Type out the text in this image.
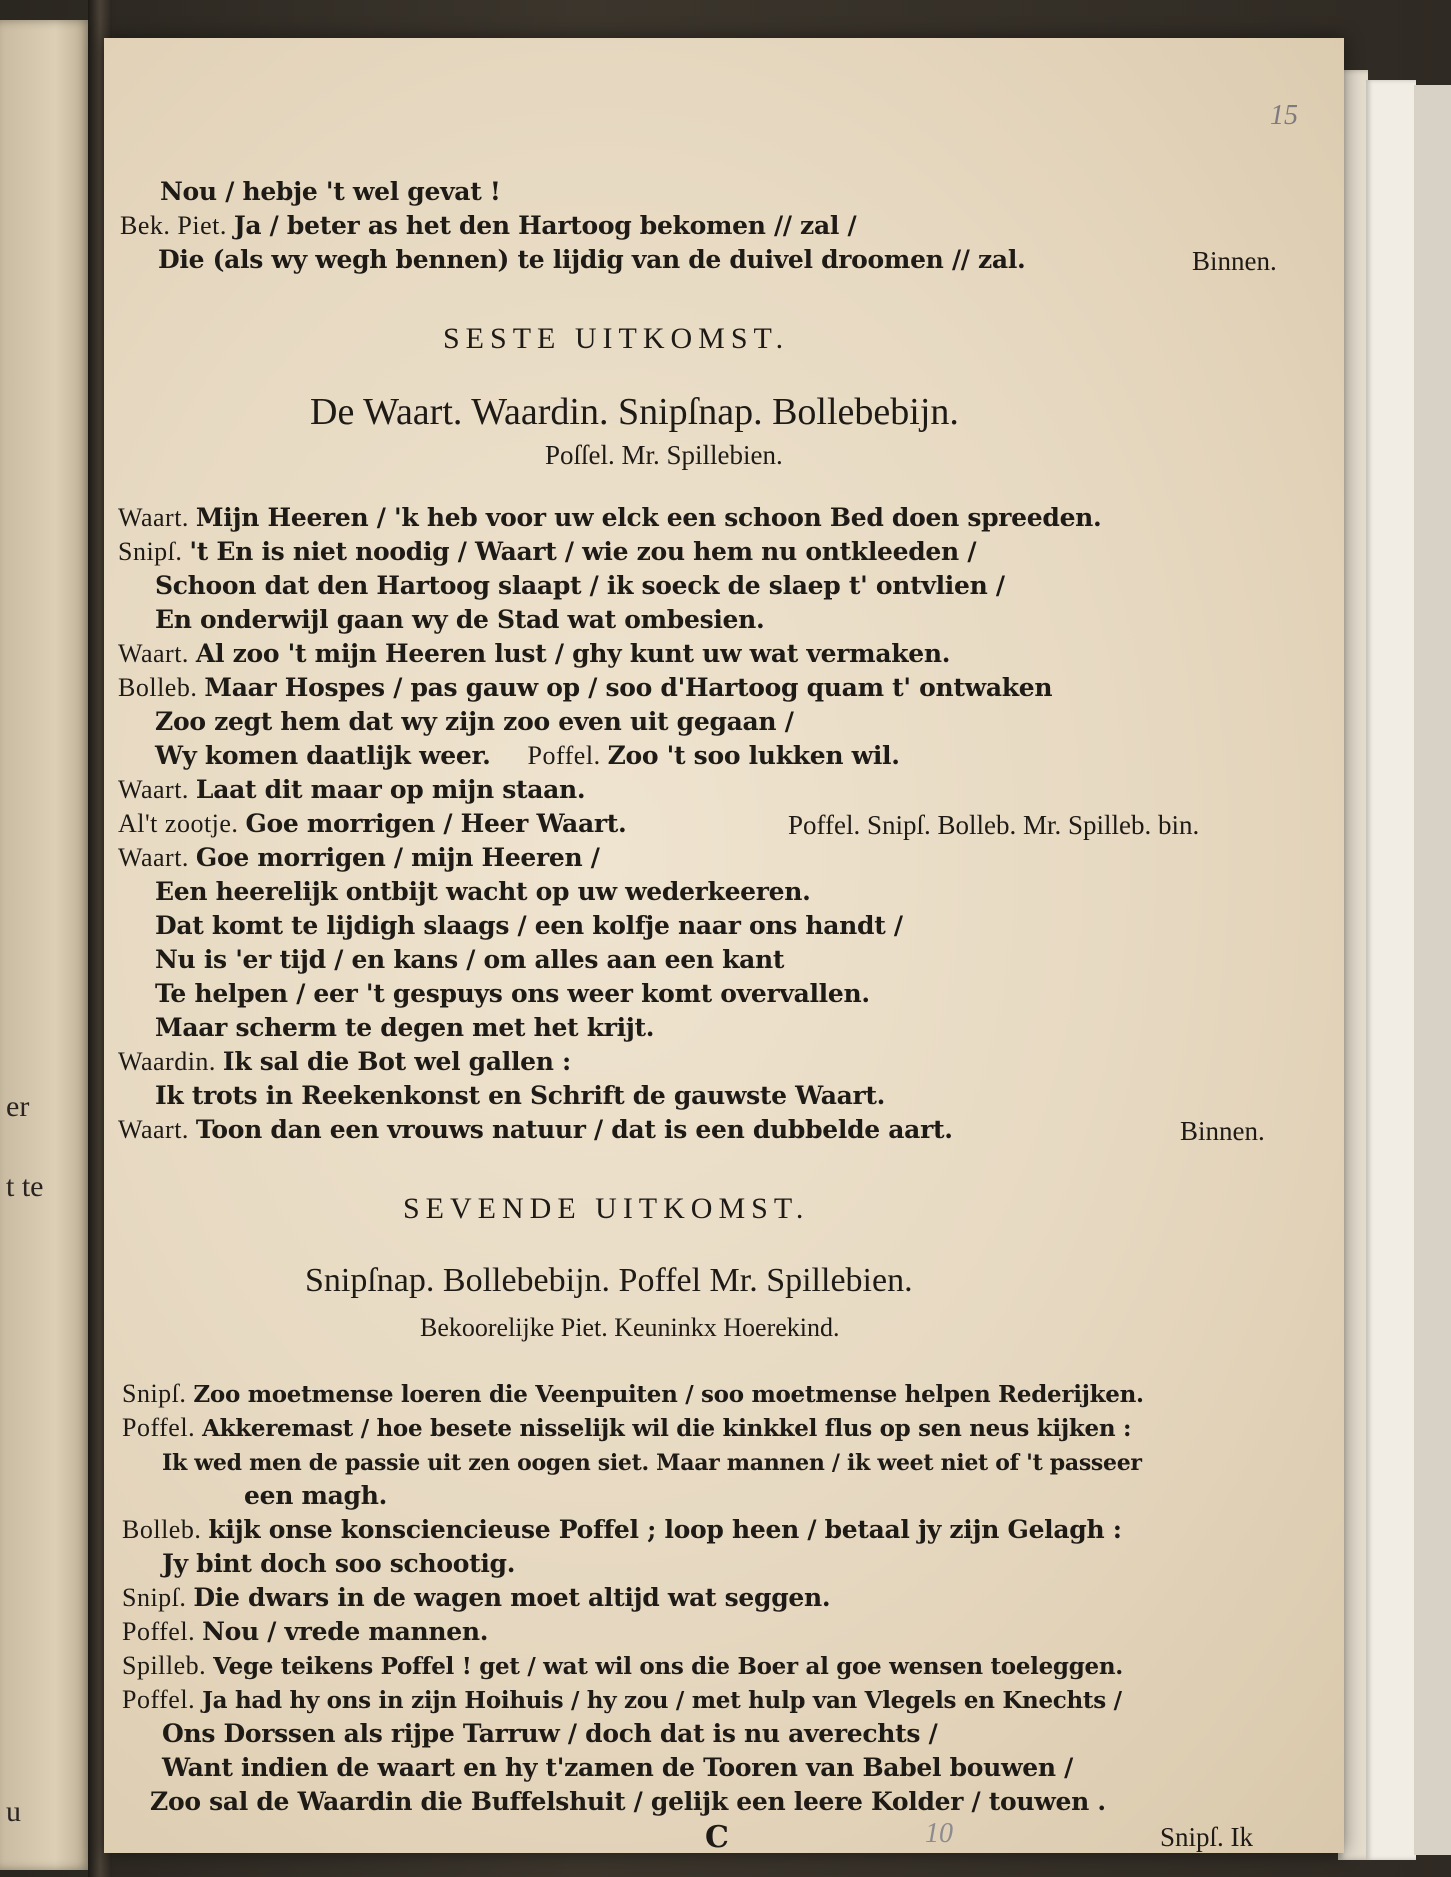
er
t te
u
15
Nou / hebje 't wel gevat !
Bek. Piet. Ja / beter as het den Hartoog bekomen // zal /
Die (als wy wegh bennen) te lijdig van de duivel droomen // zal.	Binnen.
SESTE UITKOMST.
De Waart. Waardin. Snipſnap. Bollebebijn.
Poſſel. Mr. Spillebien.
Waart. Mijn Heeren / 'k heb voor uw elck een schoon Bed doen spreeden.
Snipſ. 't En is niet noodig / Waart / wie zou hem nu ontkleeden /
Schoon dat den Hartoog slaapt / ik soeck de slaep t' ontvlien /
En onderwijl gaan wy de Stad wat ombesien.
Waart. Al zoo 't mijn Heeren lust / ghy kunt uw wat vermaken.
Bolleb. Maar Hospes / pas gauw op / soo d'Hartoog quam t' ontwaken
Zoo zegt hem dat wy zijn zoo even uit gegaan /
Wy komen daatlijk weer. Poffel. Zoo 't soo lukken wil.
Waart. Laat dit maar op mijn staan.
Al't zootje. Goe morrigen / Heer Waart.	Poffel. Snipſ. Bolleb. Mr. Spilleb. bin.
Waart. Goe morrigen / mijn Heeren /
Een heerelijk ontbijt wacht op uw wederkeeren.
Dat komt te lijdigh slaags / een kolfje naar ons handt /
Nu is 'er tijd / en kans / om alles aan een kant
Te helpen / eer 't gespuys ons weer komt overvallen.
Maar scherm te degen met het krijt.
Waardin. Ik sal die Bot wel gallen :
Ik trots in Reekenkonst en Schrift de gauwste Waart.
Waart. Toon dan een vrouws natuur / dat is een dubbelde aart.	Binnen.
SEVENDE UITKOMST.
Snipſnap. Bollebebijn. Poffel Mr. Spillebien.
Bekoorelijke Piet. Keuninkx Hoerekind.
Snipſ. Zoo moetmense loeren die Veenpuiten / soo moetmense helpen Rederijken.
Poffel. Akkeremast / hoe besete nisselijk wil die kinkkel flus op sen neus kijken :
Ik wed men de passie uit zen oogen siet. Maar mannen / ik weet niet of 't passeer
een magh.
Bolleb. kijk onse konsciencieuse Poffel ; loop heen / betaal jy zijn Gelagh :
Jy bint doch soo schootig.
Snipſ. Die dwars in de wagen moet altijd wat seggen.
Poffel. Nou / vrede mannen.
Spilleb. Vege teikens Poffel ! get / wat wil ons die Boer al goe wensen toeleggen.
Poffel. Ja had hy ons in zijn Hoihuis / hy zou / met hulp van Vlegels en Knechts /
Ons Dorssen als rijpe Tarruw / doch dat is nu averechts /
Want indien de waart en hy t'zamen de Tooren van Babel bouwen /
Zoo sal de Waardin die Buffelshuit / gelijk een leere Kolder / touwen .
C	10	Snipſ. Ik
